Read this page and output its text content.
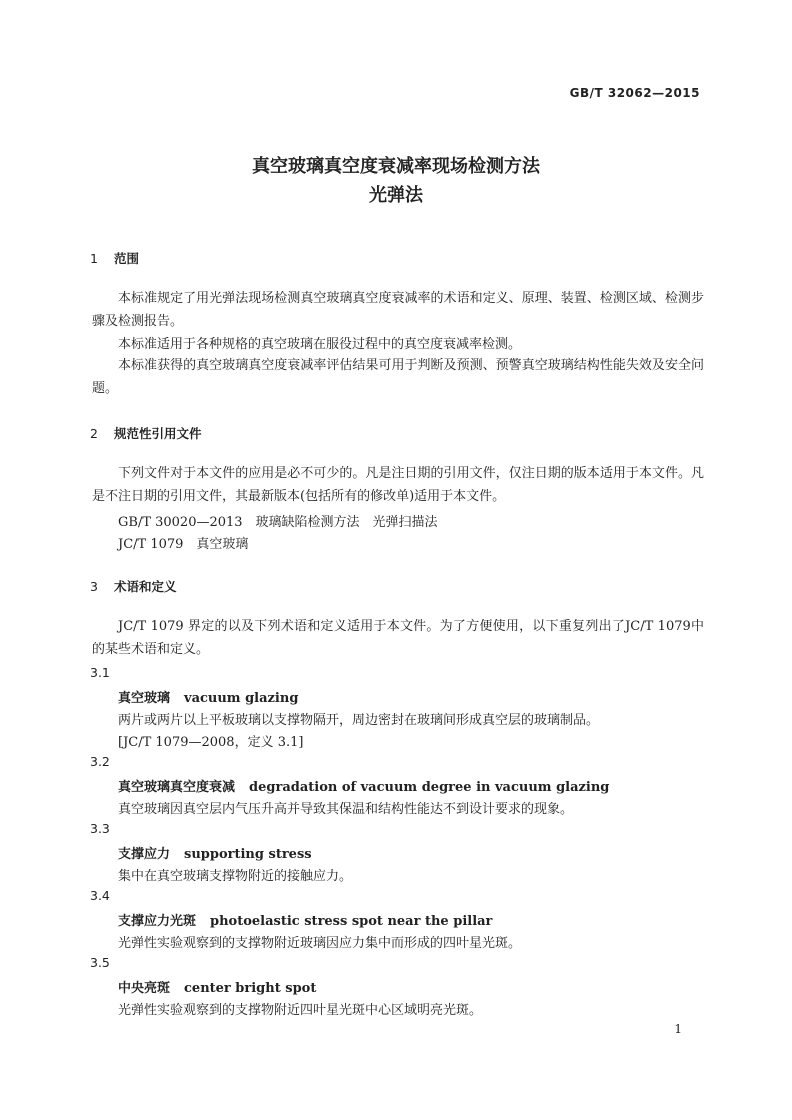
GB/T 32062—2015
真空玻璃真空度衰减率现场检测方法
光弹法
1 范围
本标准规定了用光弹法现场检测真空玻璃真空度衰减率的术语和定义、原理、装置、检测区域、检测步骤及检测报告。
本标准适用于各种规格的真空玻璃在服役过程中的真空度衰减率检测。
本标准获得的真空玻璃真空度衰减率评估结果可用于判断及预测、预警真空玻璃结构性能失效及安全问题。
2 规范性引用文件
下列文件对于本文件的应用是必不可少的。凡是注日期的引用文件，仅注日期的版本适用于本文件。凡是不注日期的引用文件，其最新版本(包括所有的修改单)适用于本文件。
GB/T 30020—2013　玻璃缺陷检测方法　光弹扫描法
JC/T 1079　真空玻璃
3 术语和定义
JC/T 1079 界定的以及下列术语和定义适用于本文件。为了方便使用，以下重复列出了JC/T 1079中的某些术语和定义。
3.1
真空玻璃 vacuum glazing
两片或两片以上平板玻璃以支撑物隔开，周边密封在玻璃间形成真空层的玻璃制品。
[JC/T 1079—2008，定义 3.1]
3.2
真空玻璃真空度衰减 degradation of vacuum degree in vacuum glazing
真空玻璃因真空层内气压升高并导致其保温和结构性能达不到设计要求的现象。
3.3
支撑应力 supporting stress
集中在真空玻璃支撑物附近的接触应力。
3.4
支撑应力光斑 photoelastic stress spot near the pillar
光弹性实验观察到的支撑物附近玻璃因应力集中而形成的四叶星光斑。
3.5
中央亮斑 center bright spot
光弹性实验观察到的支撑物附近四叶星光斑中心区域明亮光斑。
1
